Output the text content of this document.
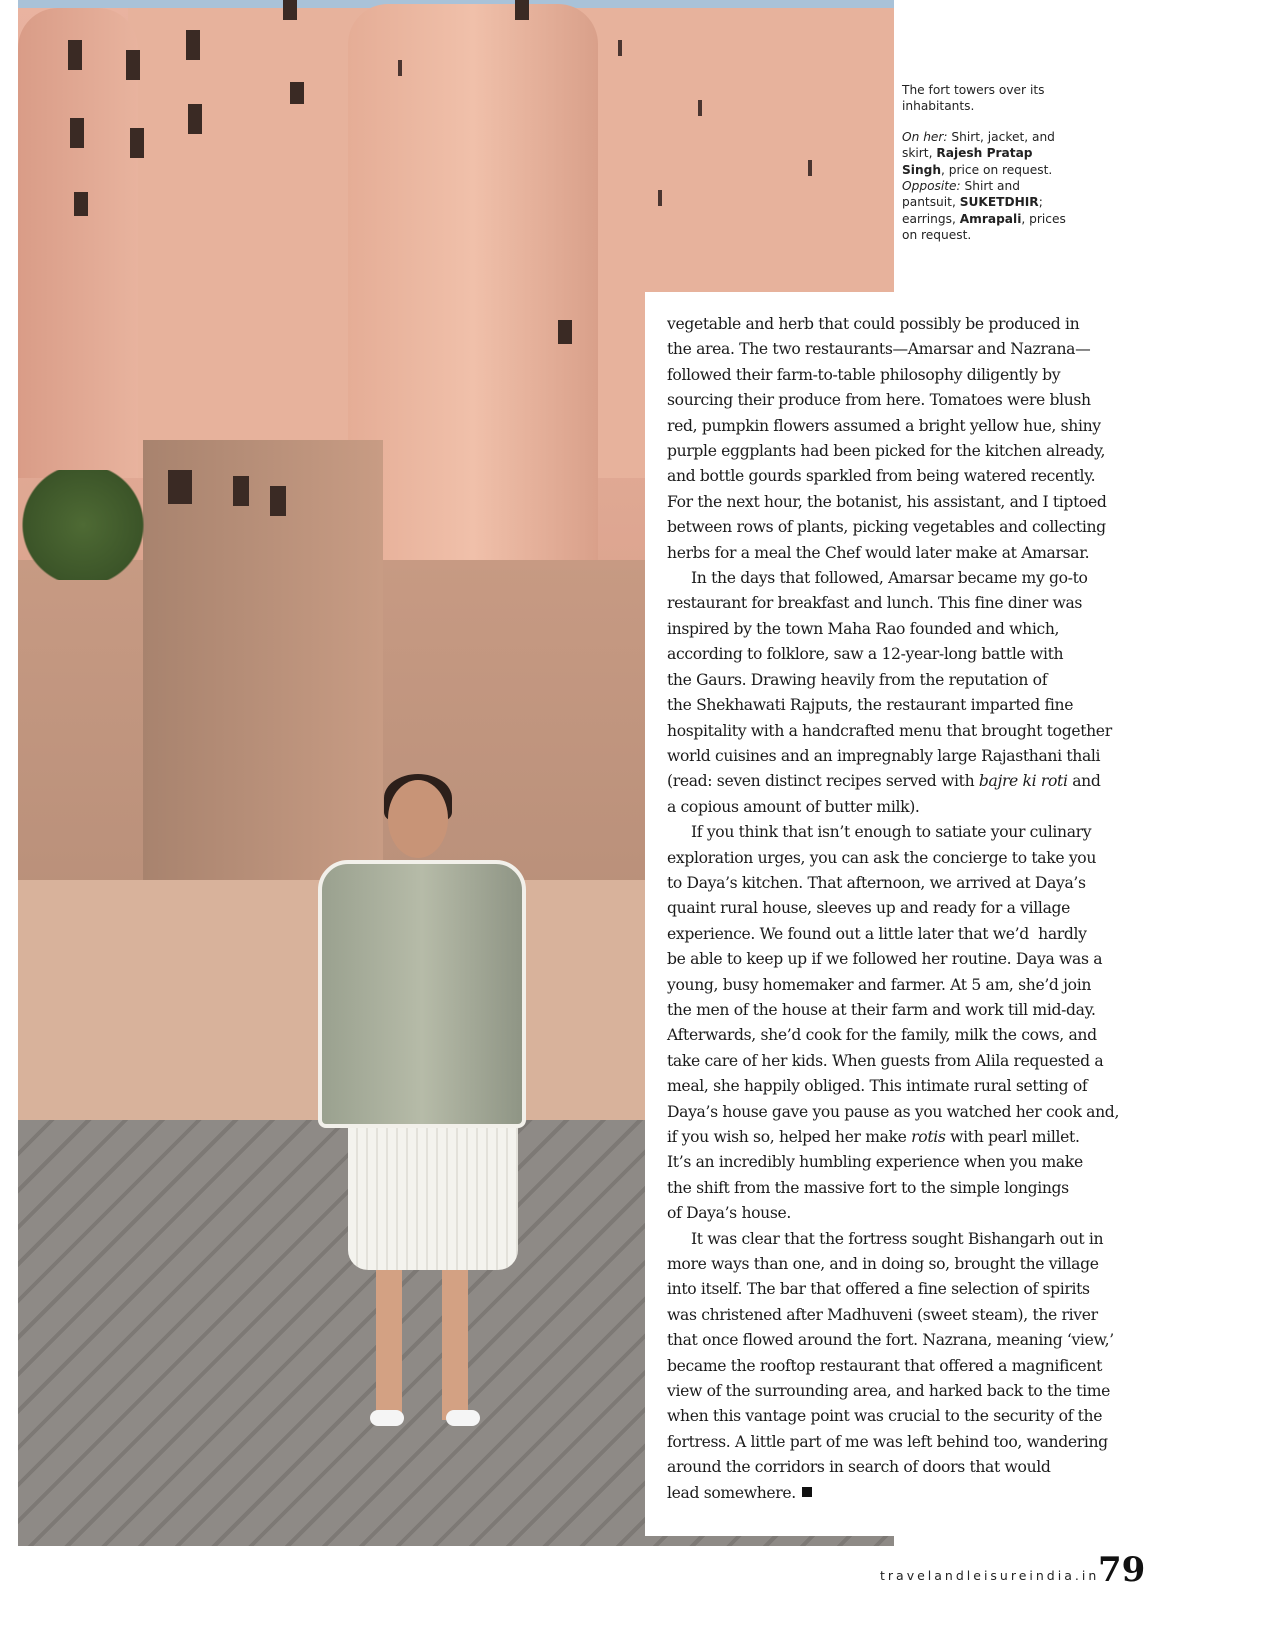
The fort towers over its inhabitants.

On her: Shirt, jacket, and skirt, Rajesh Pratap Singh, price on request. Opposite: Shirt and pantsuit, SUKETDHIR; earrings, Amrapali, prices on request.

vegetable and herb that could possibly be produced in
the area. The two restaurants—Amarsar and Nazrana—
followed their farm-to-table philosophy diligently by
sourcing their produce from here. Tomatoes were blush
red, pumpkin flowers assumed a bright yellow hue, shiny
purple eggplants had been picked for the kitchen already,
and bottle gourds sparkled from being watered recently.
For the next hour, the botanist, his assistant, and I tiptoed
between rows of plants, picking vegetables and collecting
herbs for a meal the Chef would later make at Amarsar.

In the days that followed, Amarsar became my go-to
restaurant for breakfast and lunch. This fine diner was
inspired by the town Maha Rao founded and which,
according to folklore, saw a 12-year-long battle with
the Gaurs. Drawing heavily from the reputation of
the Shekhawati Rajputs, the restaurant imparted fine
hospitality with a handcrafted menu that brought together
world cuisines and an impregnably large Rajasthani thali
(read: seven distinct recipes served with bajre ki roti and
a copious amount of butter milk).

If you think that isn’t enough to satiate your culinary
exploration urges, you can ask the concierge to take you
to Daya’s kitchen. That afternoon, we arrived at Daya’s
quaint rural house, sleeves up and ready for a village
experience. We found out a little later that we’d  hardly
be able to keep up if we followed her routine. Daya was a
young, busy homemaker and farmer. At 5 am, she’d join
the men of the house at their farm and work till mid-day.
Afterwards, she’d cook for the family, milk the cows, and
take care of her kids. When guests from Alila requested a
meal, she happily obliged. This intimate rural setting of
Daya’s house gave you pause as you watched her cook and,
if you wish so, helped her make rotis with pearl millet.
It’s an incredibly humbling experience when you make
the shift from the massive fort to the simple longings
of Daya’s house.

It was clear that the fortress sought Bishangarh out in
more ways than one, and in doing so, brought the village
into itself. The bar that offered a fine selection of spirits
was christened after Madhuveni (sweet steam), the river
that once flowed around the fort. Nazrana, meaning ‘view,’
became the rooftop restaurant that offered a magnificent
view of the surrounding area, and harked back to the time
when this vantage point was crucial to the security of the
fortress. A little part of me was left behind too, wandering
around the corridors in search of doors that would
lead somewhere.

travelandleisureindia.in
79
